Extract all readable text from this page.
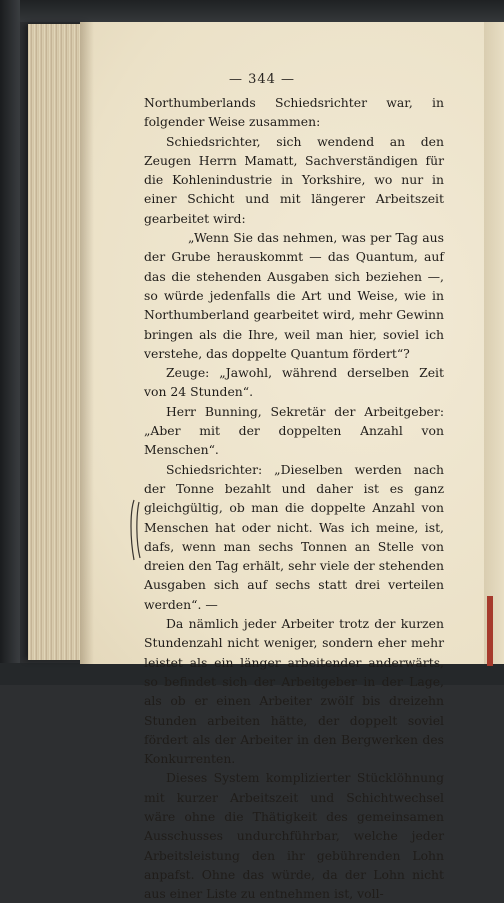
— 344 —

Northumberlands Schiedsrichter war, in folgender Weise zusammen:

Schiedsrichter, sich wendend an den Zeugen Herrn Mamatt, Sachverständigen für die Kohlenindustrie in Yorkshire, wo nur in einer Schicht und mit längerer Arbeitszeit gearbeitet wird:

„Wenn Sie das nehmen, was per Tag aus der Grube herauskommt — das Quantum, auf das die stehenden Ausgaben sich beziehen —, so würde jedenfalls die Art und Weise, wie in Northumberland gearbeitet wird, mehr Gewinn bringen als die Ihre, weil man hier, soviel ich verstehe, das doppelte Quantum fördert“?

Zeuge: „Jawohl, während derselben Zeit von 24 Stunden“.

Herr Bunning, Sekretär der Arbeitgeber: „Aber mit der doppelten Anzahl von Menschen“.

Schiedsrichter: „Dieselben werden nach der Tonne bezahlt und daher ist es ganz gleichgültig, ob man die doppelte Anzahl von Menschen hat oder nicht. Was ich meine, ist, dafs, wenn man sechs Tonnen an Stelle von dreien den Tag erhält, sehr viele der stehenden Ausgaben sich auf sechs statt drei verteilen werden“. —

Da nämlich jeder Arbeiter trotz der kurzen Stundenzahl nicht weniger, sondern eher mehr leistet als ein länger arbeitender anderwärts, so befindet sich der Arbeitgeber in der Lage, als ob er einen Arbeiter zwölf bis dreizehn Stunden arbeiten hätte, der doppelt soviel fördert als der Arbeiter in den Bergwerken des Konkurrenten.

Dieses System komplizierter Stücklöhnung mit kurzer Arbeitszeit und Schichtwechsel wäre ohne die Thätigkeit des gemeinsamen Ausschusses undurchführbar, welche jeder Arbeitsleistung den ihr gebührenden Lohn anpafst. Ohne das würde, da der Lohn nicht aus einer Liste zu entnehmen ist, voll-
